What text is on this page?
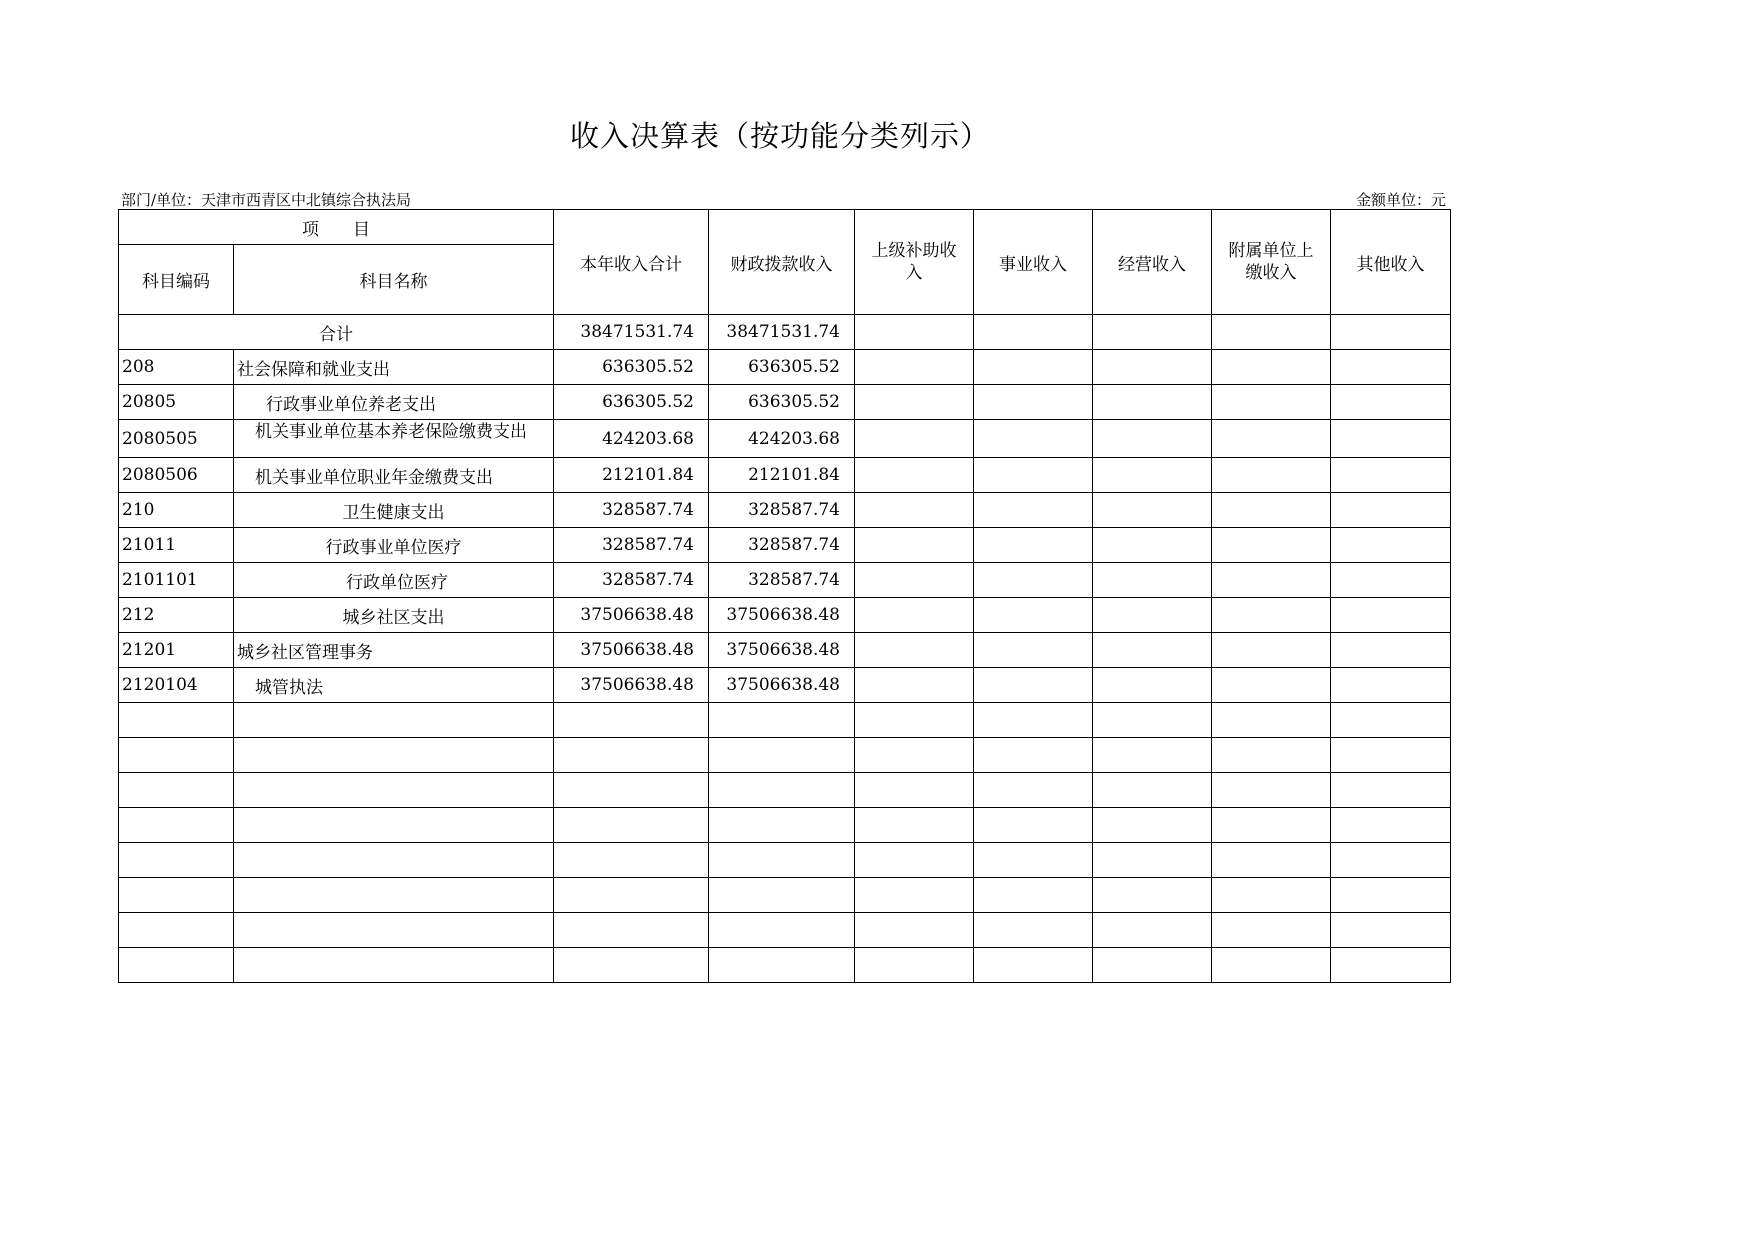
收入决算表（按功能分类列示）
部门/单位：天津市西青区中北镇综合执法局	金额单位：元
项　　目		本年收入合计	财政拨款收入	上级补助收入	事业收入	经营收入	附属单位上缴收入	其他收入
科目编码	科目名称							
合计		38471531.74	38471531.74					
208	社会保障和就业支出	636305.52	636305.52					
20805	行政事业单位养老支出	636305.52	636305.52					
2080505	机关事业单位基本养老保险缴费支出	424203.68	424203.68					
2080506	机关事业单位职业年金缴费支出	212101.84	212101.84					
210	卫生健康支出	328587.74	328587.74					
21011	行政事业单位医疗	328587.74	328587.74					
2101101	行政单位医疗	328587.74	328587.74					
212	城乡社区支出	37506638.48	37506638.48					
21201	城乡社区管理事务	37506638.48	37506638.48					
2120104	城管执法	37506638.48	37506638.48					
